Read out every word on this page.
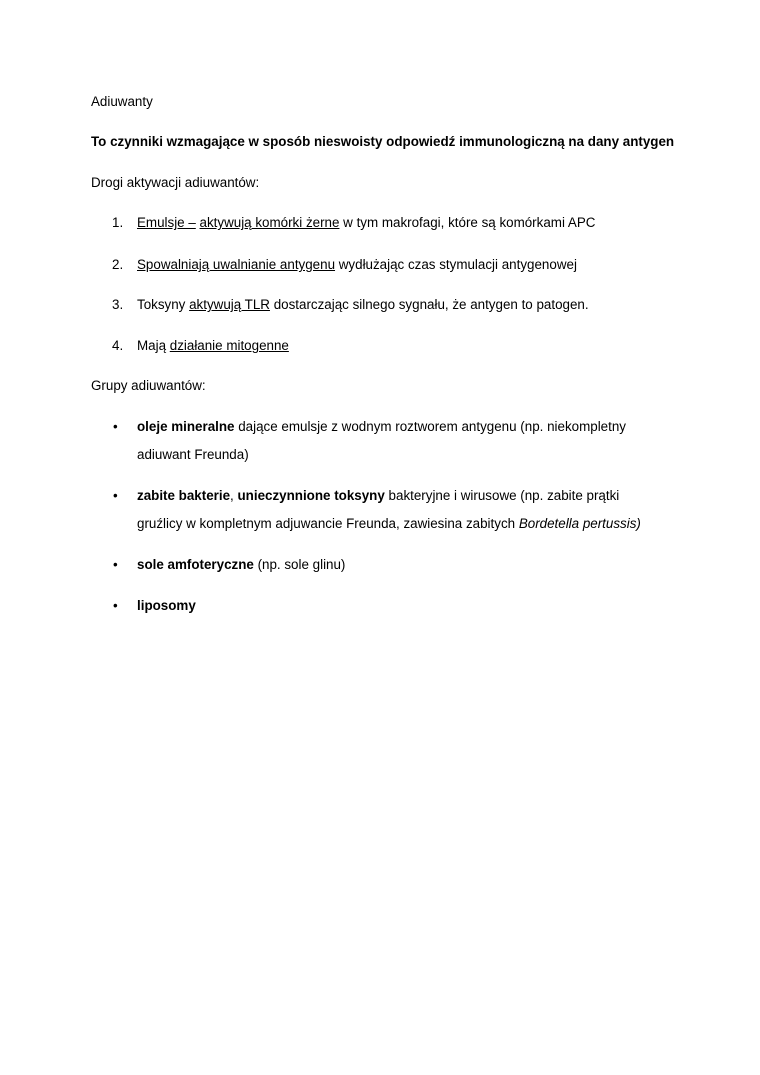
Adiuwanty
To czynniki wzmagające w sposób nieswoisty odpowiedź immunologiczną na dany antygen
Drogi aktywacji adiuwantów:
1. Emulsje – aktywują komórki żerne w tym makrofagi, które są komórkami APC
2. Spowalniają uwalnianie antygenu wydłużając czas stymulacji antygenowej
3. Toksyny aktywują TLR dostarczając silnego sygnału, że antygen to patogen.
4. Mają działanie mitogenne
Grupy adiuwantów:
• oleje mineralne dające emulsje z wodnym roztworem antygenu (np. niekompletny
adiuwant Freunda)
• zabite bakterie, unieczynnione toksyny bakteryjne i wirusowe (np. zabite prątki
gruźlicy w kompletnym adjuwancie Freunda, zawiesina zabitych Bordetella pertussis)
• sole amfoteryczne (np. sole glinu)
• liposomy
